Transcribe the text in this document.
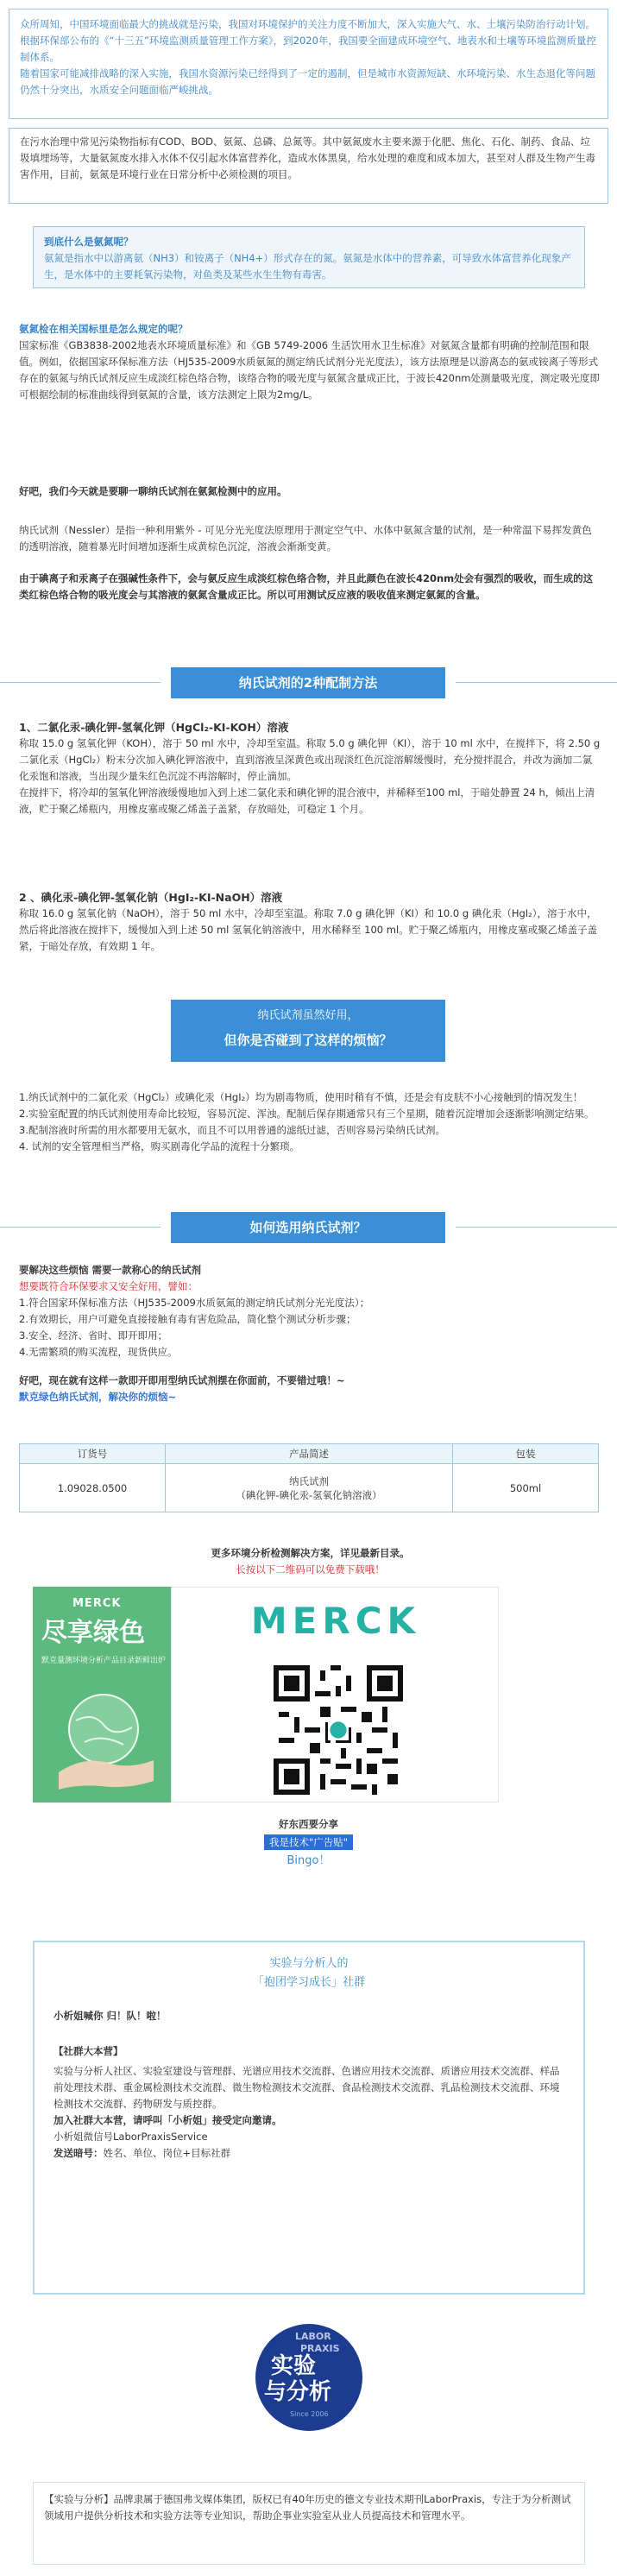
众所周知，中国环境面临最大的挑战就是污染，我国对环境保护的关注力度不断加大，深入实施大气、水、土壤污染防治行动计划。根据环保部公布的《“十三五”环境监测质量管理工作方案》，到2020年，我国要全面建成环境空气、地表水和土壤等环境监测质量控制体系。

随着国家可能减排战略的深入实施，我国水资源污染已经得到了一定的遏制，但是城市水资源短缺、水环境污染、水生态退化等问题仍然十分突出，水质安全问题面临严峻挑战。

在污水治理中常见污染物指标有COD、BOD、氨氮、总磷、总氮等。其中氨氮废水主要来源于化肥、焦化、石化、制药、食品、垃圾填埋场等，大量氨氮废水排入水体不仅引起水体富营养化，造成水体黑臭，给水处理的难度和成本加大，甚至对人群及生物产生毒害作用，目前，氨氮是环境行业在日常分析中必须检测的项目。

到底什么是氨氮呢？

氨氮是指水中以游离氨（NH3）和铵离子（NH4+）形式存在的氮。氨氮是水体中的营养素，可导致水体富营养化现象产生，是水体中的主要耗氧污染物，对鱼类及某些水生生物有毒害。

氨氮检在相关国标里是怎么规定的呢？

国家标准《GB3838-2002地表水环境质量标准》和《GB 5749-2006 生活饮用水卫生标准》对氨氮含量都有明确的控制范围和限值。例如，依据国家环保标准方法（HJ535-2009水质氨氮的测定纳氏试剂分光光度法），该方法原理是以游离态的氨或铵离子等形式存在的氨氮与纳氏试剂反应生成淡红棕色络合物，该络合物的吸光度与氨氮含量成正比，于波长420nm处测量吸光度，测定吸光度即可根据绘制的标准曲线得到氨氮的含量，该方法测定上限为2mg/L。

好吧，我们今天就是要聊一聊纳氏试剂在氨氮检测中的应用。

纳氏试剂（Nessler）是指一种利用紫外 - 可见分光光度法原理用于测定空气中、水体中氨氮含量的试剂，是一种常温下易挥发黄色的透明溶液，随着暴光时间增加逐渐生成黄棕色沉淀，溶液会渐渐变黄。

由于碘离子和汞离子在强碱性条件下，会与氨反应生成淡红棕色络合物，并且此颜色在波长420nm处会有强烈的吸收，而生成的这类红棕色络合物的吸光度会与其溶液的氨氮含量成正比。所以可用测试反应液的吸收值来测定氨氮的含量。

纳氏试剂的2种配制方法

1、二氯化汞-碘化钾-氢氧化钾（HgCl₂-KI-KOH）溶液

称取 15.0 g 氢氧化钾（KOH），溶于 50 ml 水中，冷却至室温。称取 5.0 g 碘化钾（KI），溶于 10 ml 水中，在搅拌下，将 2.50 g 二氯化汞（HgCl₂）粉末分次加入碘化钾溶液中，直到溶液呈深黄色或出现淡红色沉淀溶解缓慢时，充分搅拌混合，并改为滴加二氯化汞饱和溶液，当出现少量朱红色沉淀不再溶解时，停止滴加。

在搅拌下，将冷却的氢氧化钾溶液缓慢地加入到上述二氯化汞和碘化钾的混合液中，并稀释至100 ml，于暗处静置 24 h，倾出上清液，贮于聚乙烯瓶内，用橡皮塞或聚乙烯盖子盖紧，存放暗处，可稳定 1 个月。

2 、碘化汞-碘化钾-氢氧化钠（HgI₂-KI-NaOH）溶液

称取 16.0 g 氢氧化钠（NaOH），溶于 50 ml 水中，冷却至室温。称取 7.0 g 碘化钾（KI）和 10.0 g 碘化汞（HgI₂），溶于水中，然后将此溶液在搅拌下，缓慢加入到上述 50 ml 氢氧化钠溶液中，用水稀释至 100 ml。贮于聚乙烯瓶内，用橡皮塞或聚乙烯盖子盖紧，于暗处存放，有效期 1 年。

纳氏试剂虽然好用，

但你是否碰到了这样的烦恼？

1.纳氏试剂中的二氯化汞（HgCl₂）或碘化汞（HgI₂）均为剧毒物质，使用时稍有不慎，还是会有皮肤不小心接触到的情况发生！

2.实验室配置的纳氏试剂使用寿命比较短，容易沉淀、浑浊。配制后保存期通常只有三个星期，随着沉淀增加会逐渐影响测定结果。

3.配制溶液时所需的用水都要用无氨水，而且不可以用普通的滤纸过滤，否则容易污染纳氏试剂。

4. 试剂的安全管理相当严格，购买剧毒化学品的流程十分繁琐。

如何选用纳氏试剂？

要解决这些烦恼 需要一款称心的纳氏试剂

想要既符合环保要求又安全好用，譬如：

1.符合国家环保标准方法（HJ535-2009水质氨氮的测定纳氏试剂分光光度法）；

2.有效期长，用户可避免直接接触有毒有害危险品，简化整个测试分析步骤；

3.安全、经济、省时、即开即用；

4.无需繁琐的购买流程，现货供应。

好吧，现在就有这样一款即开即用型纳氏试剂摆在你面前，不要错过哦！~

默克绿色纳氏试剂，解决你的烦恼~

订货号	产品简述	包装
1.09028.0500	纳氏试剂
（碘化钾-碘化汞-氢氧化钠溶液）	500ml

更多环境分析检测解决方案，详见最新目录。

长按以下二维码可以免费下载哦！

MERCK
尽享绿色
默克量测环境分析产品目录新鲜出炉
MERCK

好东西要分享

我是技术"广告贴"

Bingo！

实验与分析人的

「抱团学习成长」社群

小析姐喊你 归！队！啦！

【社群大本营】

实验与分析人社区、实验室建设与管理群、光谱应用技术交流群、色谱应用技术交流群、质谱应用技术交流群、样品前处理技术群、重金属检测技术交流群、微生物检测技术交流群、食品检测技术交流群、乳品检测技术交流群、环境检测技术交流群、药物研发与质控群。

加入社群大本营，请呼叫「小析姐」接受定向邀请。

小析姐微信号LaborPraxisService

发送暗号：姓名、单位、岗位+目标社群

LABOR
PRAXIS
实验
与分析
Since 2006

【实验与分析】品牌隶属于德国弗戈媒体集团，版权已有40年历史的德文专业技术期刊LaborPraxis，专注于为分析测试领域用户提供分析技术和实验方法等专业知识，帮助企事业实验室从业人员提高技术和管理水平。
